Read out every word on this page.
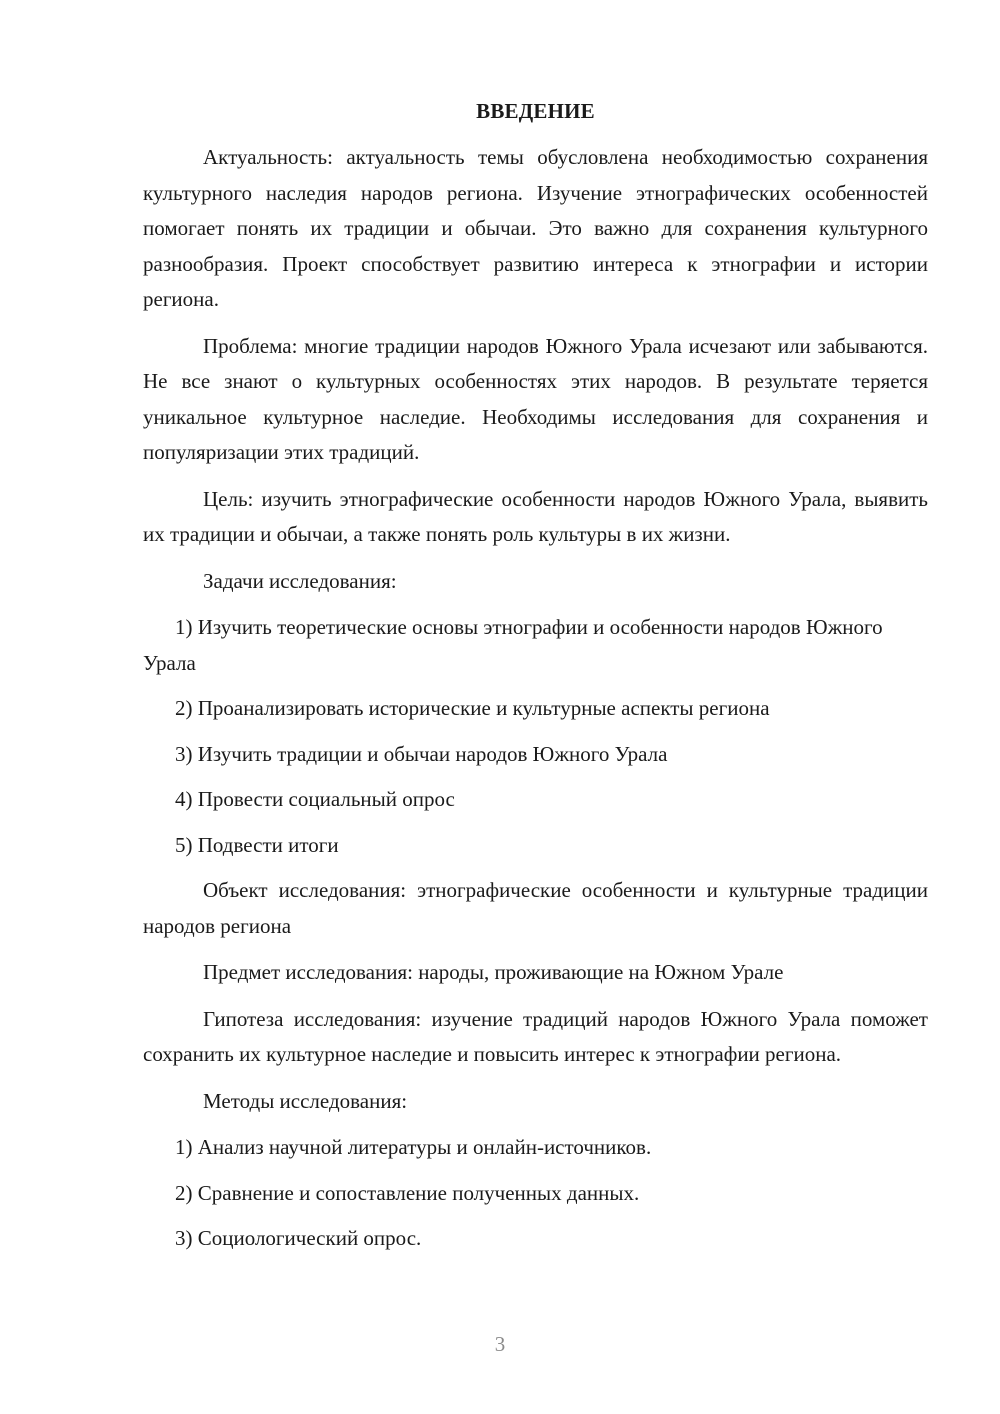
ВВЕДЕНИЕ

Актуальность: актуальность темы обусловлена необходимостью сохранения культурного наследия народов региона. Изучение этнографических особенностей помогает понять их традиции и обычаи. Это важно для сохранения культурного разнообразия. Проект способствует развитию интереса к этнографии и истории региона.

Проблема: многие традиции народов Южного Урала исчезают или забываются. Не все знают о культурных особенностях этих народов. В результате теряется уникальное культурное наследие. Необходимы исследования для сохранения и популяризации этих традиций.

Цель: изучить этнографические особенности народов Южного Урала, выявить их традиции и обычаи, а также понять роль культуры в их жизни.

Задачи исследования:

1) Изучить теоретические основы этнографии и особенности народов Южного Урала

2) Проанализировать исторические и культурные аспекты региона

3) Изучить традиции и обычаи народов Южного Урала

4) Провести социальный опрос

5) Подвести итоги

Объект исследования: этнографические особенности и культурные традиции народов региона

Предмет исследования: народы, проживающие на Южном Урале

Гипотеза исследования: изучение традиций народов Южного Урала поможет сохранить их культурное наследие и повысить интерес к этнографии региона.

Методы исследования:

1) Анализ научной литературы и онлайн-источников.

2) Сравнение и сопоставление полученных данных.

3) Социологический опрос.

3
